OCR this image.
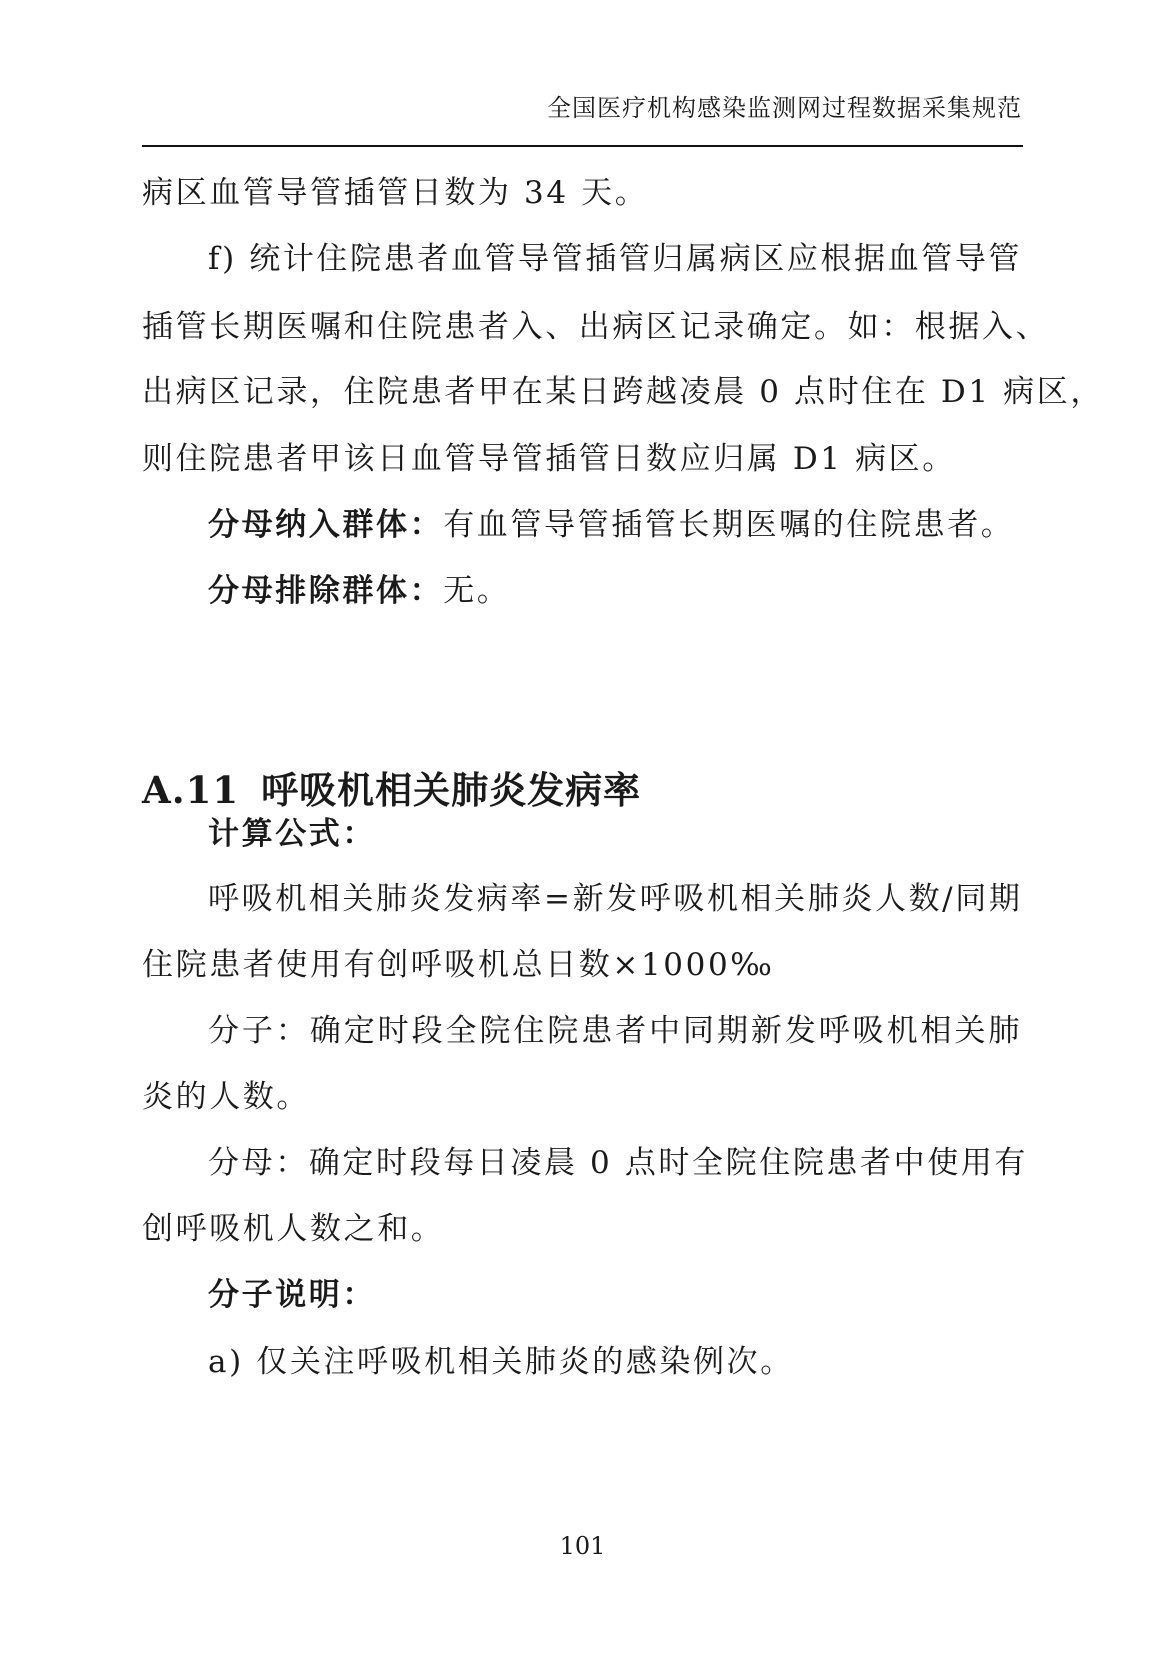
全国医疗机构感染监测网过程数据采集规范
病区血管导管插管日数为 34 天。
f) 统计住院患者血管导管插管归属病区应根据血管导管
插管长期医嘱和住院患者入、出病区记录确定。如：根据入、
出病区记录，住院患者甲在某日跨越凌晨 0 点时住在 D1 病区，
则住院患者甲该日血管导管插管日数应归属 D1 病区。
分母纳入群体：有血管导管插管长期医嘱的住院患者。
分母排除群体：无。
A.11 呼吸机相关肺炎发病率
计算公式：
呼吸机相关肺炎发病率=新发呼吸机相关肺炎人数/同期
住院患者使用有创呼吸机总日数×1000‰
分子：确定时段全院住院患者中同期新发呼吸机相关肺
炎的人数。
分母：确定时段每日凌晨 0 点时全院住院患者中使用有
创呼吸机人数之和。
分子说明：
a) 仅关注呼吸机相关肺炎的感染例次。
101
